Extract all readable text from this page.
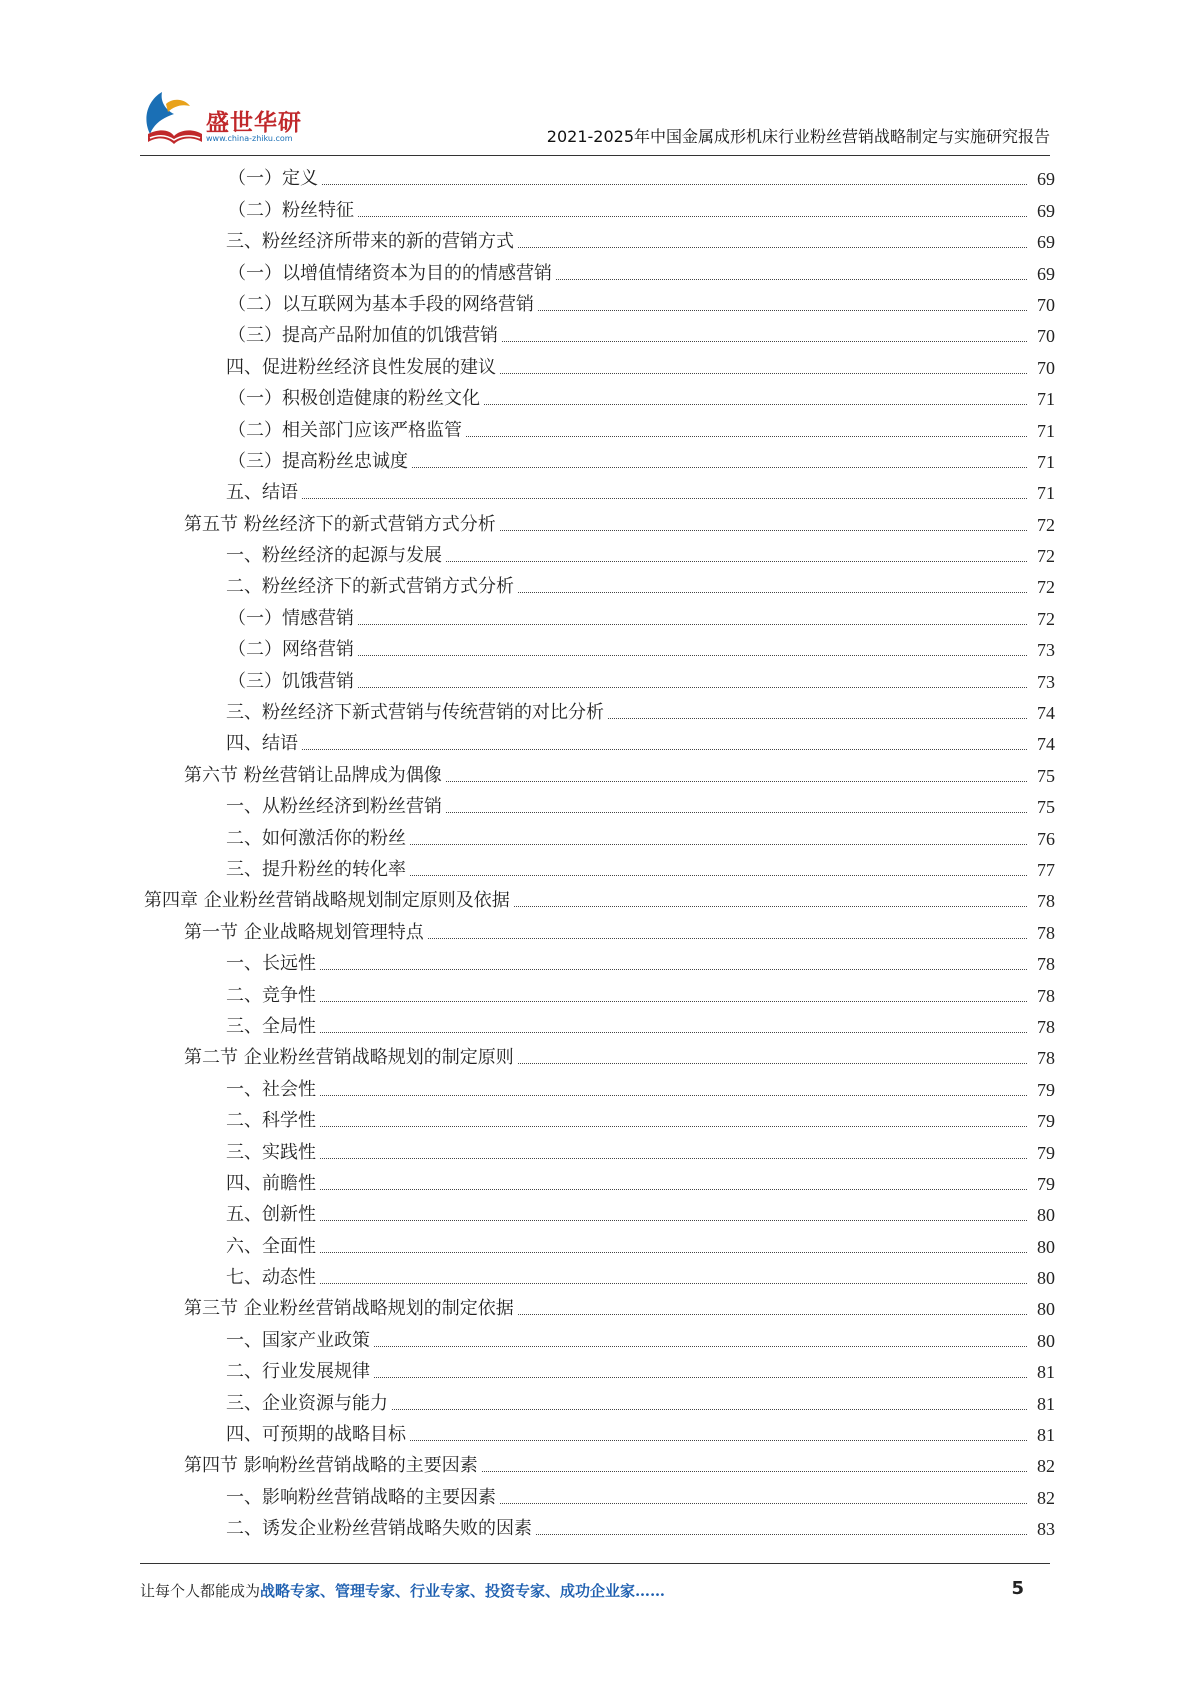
盛世华研
www.china-zhiku.com	2021-2025年中国金属成形机床行业粉丝营销战略制定与实施研究报告
（一）定义	69
（二）粉丝特征	69
三、粉丝经济所带来的新的营销方式	69
（一）以增值情绪资本为目的的情感营销	69
（二）以互联网为基本手段的网络营销	70
（三）提高产品附加值的饥饿营销	70
四、促进粉丝经济良性发展的建议	70
（一）积极创造健康的粉丝文化	71
（二）相关部门应该严格监管	71
（三）提高粉丝忠诚度	71
五、结语	71
第五节 粉丝经济下的新式营销方式分析	72
一、粉丝经济的起源与发展	72
二、粉丝经济下的新式营销方式分析	72
（一）情感营销	72
（二）网络营销	73
（三）饥饿营销	73
三、粉丝经济下新式营销与传统营销的对比分析	74
四、结语	74
第六节 粉丝营销让品牌成为偶像	75
一、从粉丝经济到粉丝营销	75
二、如何激活你的粉丝	76
三、提升粉丝的转化率	77
第四章 企业粉丝营销战略规划制定原则及依据	78
第一节 企业战略规划管理特点	78
一、长远性	78
二、竞争性	78
三、全局性	78
第二节 企业粉丝营销战略规划的制定原则	78
一、社会性	79
二、科学性	79
三、实践性	79
四、前瞻性	79
五、创新性	80
六、全面性	80
七、动态性	80
第三节 企业粉丝营销战略规划的制定依据	80
一、国家产业政策	80
二、行业发展规律	81
三、企业资源与能力	81
四、可预期的战略目标	81
第四节 影响粉丝营销战略的主要因素	82
一、影响粉丝营销战略的主要因素	82
二、诱发企业粉丝营销战略失败的因素	83
让每个人都能成为战略专家、管理专家、行业专家、投资专家、成功企业家……	5
